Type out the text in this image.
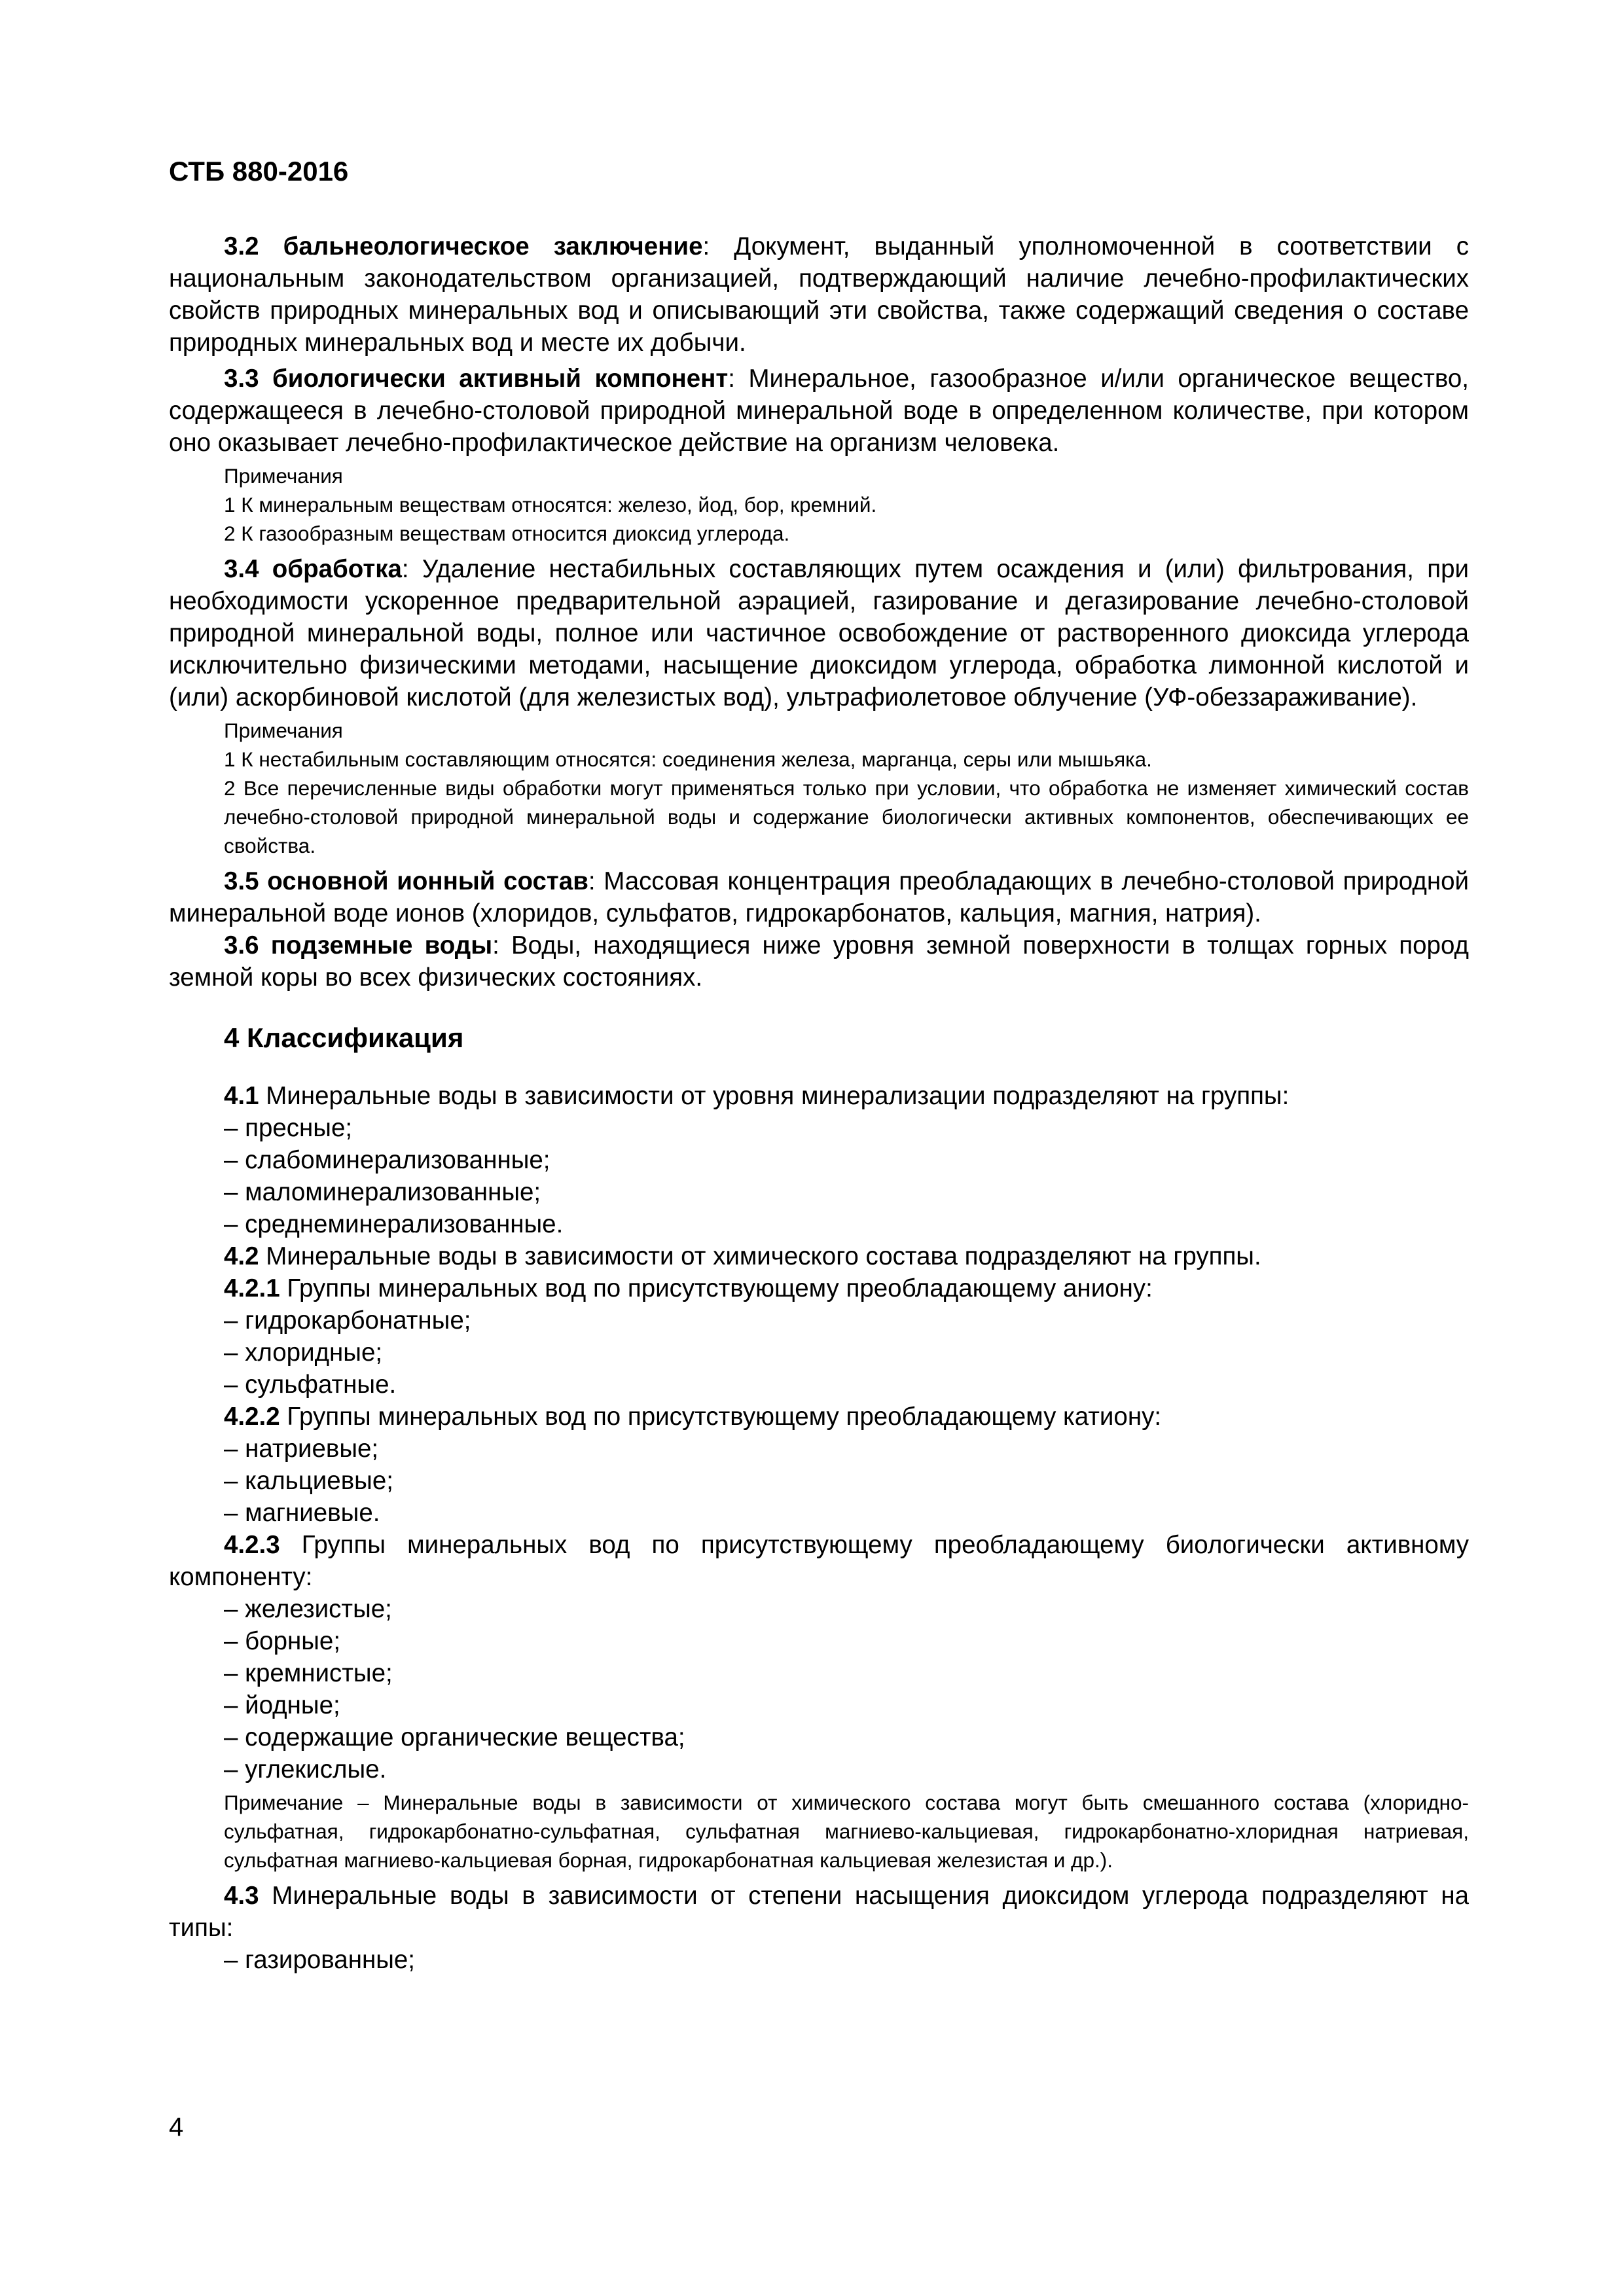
СТБ 880-2016

3.2 бальнеологическое заключение: Документ, выданный уполномоченной в соответствии с национальным законодательством организацией, подтверждающий наличие лечебно-профилактических свойств природных минеральных вод и описывающий эти свойства, также содержащий сведения о составе природных минеральных вод и месте их добычи.

3.3 биологически активный компонент: Минеральное, газообразное и/или органическое вещество, содержащееся в лечебно-столовой природной минеральной воде в определенном количестве, при котором оно оказывает лечебно-профилактическое действие на организм человека.

Примечания

1 К минеральным веществам относятся: железо, йод, бор, кремний.

2 К газообразным веществам относится диоксид углерода.

3.4 обработка: Удаление нестабильных составляющих путем осаждения и (или) фильтрования, при необходимости ускоренное предварительной аэрацией, газирование и дегазирование лечебно-столовой природной минеральной воды, полное или частичное освобождение от растворенного диоксида углерода исключительно физическими методами, насыщение диоксидом углерода, обработка лимонной кислотой и (или) аскорбиновой кислотой (для железистых вод), ультрафиолетовое облучение (УФ-обеззараживание).

Примечания

1 К нестабильным составляющим относятся: соединения железа, марганца, серы или мышьяка.

2 Все перечисленные виды обработки могут применяться только при условии, что обработка не изменяет химический состав лечебно-столовой природной минеральной воды и содержание биологически активных компонентов, обеспечивающих ее свойства.

3.5 основной ионный состав: Массовая концентрация преобладающих в лечебно-столовой природной минеральной воде ионов (хлоридов, сульфатов, гидрокарбонатов, кальция, магния, натрия).

3.6 подземные воды: Воды, находящиеся ниже уровня земной поверхности в толщах горных пород земной коры во всех физических состояниях.

4 Классификация

4.1 Минеральные воды в зависимости от уровня минерализации подразделяют на группы:

– пресные;

– слабоминерализованные;

– маломинерализованные;

– среднеминерализованные.

4.2 Минеральные воды в зависимости от химического состава подразделяют на группы.

4.2.1 Группы минеральных вод по присутствующему преобладающему аниону:

– гидрокарбонатные;

– хлоридные;

– сульфатные.

4.2.2 Группы минеральных вод по присутствующему преобладающему катиону:

– натриевые;

– кальциевые;

– магниевые.

4.2.3 Группы минеральных вод по присутствующему преобладающему биологически активному компоненту:

– железистые;

– борные;

– кремнистые;

– йодные;

– содержащие органические вещества;

– углекислые.

Примечание – Минеральные воды в зависимости от химического состава могут быть смешанного состава (хлоридно-сульфатная, гидрокарбонатно-сульфатная, сульфатная магниево-кальциевая, гидрокарбонатно-хлоридная натриевая, сульфатная магниево-кальциевая борная, гидрокарбонатная кальциевая железистая и др.).

4.3 Минеральные воды в зависимости от степени насыщения диоксидом углерода подразделяют на типы:

– газированные;

4
